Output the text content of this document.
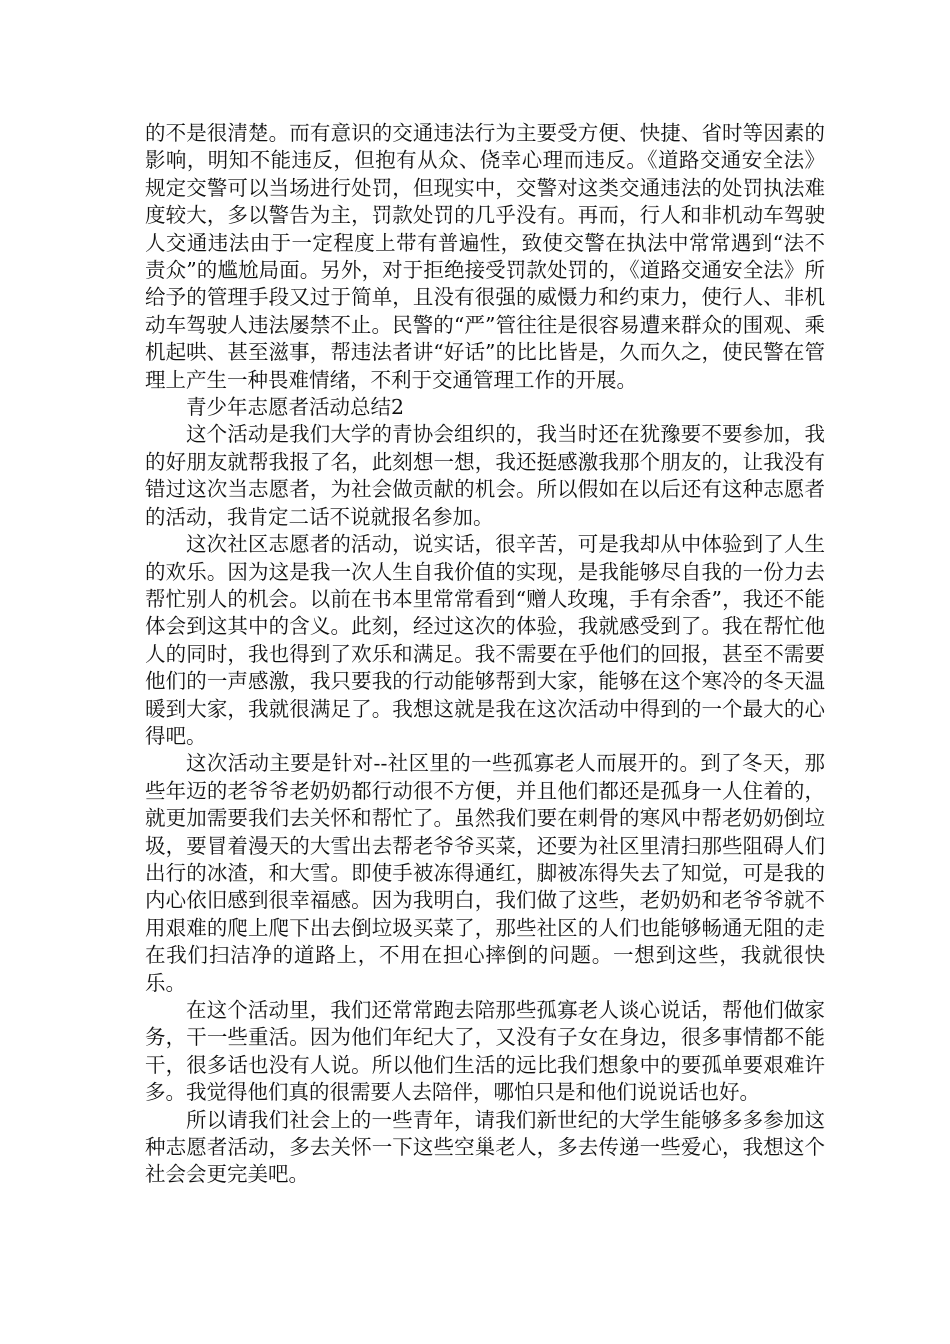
的不是很清楚。而有意识的交通违法行为主要受方便、快捷、省时等因素的影响，明知不能违反，但抱有从众、侥幸心理而违反。《道路交通安全法》规定交警可以当场进行处罚，但现实中，交警对这类交通违法的处罚执法难度较大，多以警告为主，罚款处罚的几乎没有。再而，行人和非机动车驾驶人交通违法由于一定程度上带有普遍性，致使交警在执法中常常遇到“法不责众”的尴尬局面。另外，对于拒绝接受罚款处罚的，《道路交通安全法》所给予的管理手段又过于简单，且没有很强的威慑力和约束力，使行人、非机动车驾驶人违法屡禁不止。民警的“严”管往往是很容易遭来群众的围观、乘机起哄、甚至滋事，帮违法者讲“好话”的比比皆是，久而久之，使民警在管理上产生一种畏难情绪，不利于交通管理工作的开展。

青少年志愿者活动总结2

这个活动是我们大学的青协会组织的，我当时还在犹豫要不要参加，我的好朋友就帮我报了名，此刻想一想，我还挺感激我那个朋友的，让我没有错过这次当志愿者，为社会做贡献的机会。所以假如在以后还有这种志愿者的活动，我肯定二话不说就报名参加。

这次社区志愿者的活动，说实话，很辛苦，可是我却从中体验到了人生的欢乐。因为这是我一次人生自我价值的实现，是我能够尽自我的一份力去帮忙别人的机会。以前在书本里常常看到“赠人玫瑰，手有余香”，我还不能体会到这其中的含义。此刻，经过这次的体验，我就感受到了。我在帮忙他人的同时，我也得到了欢乐和满足。我不需要在乎他们的回报，甚至不需要他们的一声感激，我只要我的行动能够帮到大家，能够在这个寒冷的冬天温暖到大家，我就很满足了。我想这就是我在这次活动中得到的一个最大的心得吧。

这次活动主要是针对--社区里的一些孤寡老人而展开的。到了冬天，那些年迈的老爷爷老奶奶都行动很不方便，并且他们都还是孤身一人住着的，就更加需要我们去关怀和帮忙了。虽然我们要在刺骨的寒风中帮老奶奶倒垃圾，要冒着漫天的大雪出去帮老爷爷买菜，还要为社区里清扫那些阻碍人们出行的冰渣，和大雪。即使手被冻得通红，脚被冻得失去了知觉，可是我的内心依旧感到很幸福感。因为我明白，我们做了这些，老奶奶和老爷爷就不用艰难的爬上爬下出去倒垃圾买菜了，那些社区的人们也能够畅通无阻的走在我们扫洁净的道路上，不用在担心摔倒的问题。一想到这些，我就很快乐。

在这个活动里，我们还常常跑去陪那些孤寡老人谈心说话，帮他们做家务，干一些重活。因为他们年纪大了，又没有子女在身边，很多事情都不能干，很多话也没有人说。所以他们生活的远比我们想象中的要孤单要艰难许多。我觉得他们真的很需要人去陪伴，哪怕只是和他们说说话也好。

所以请我们社会上的一些青年，请我们新世纪的大学生能够多多参加这种志愿者活动，多去关怀一下这些空巢老人，多去传递一些爱心，我想这个社会会更完美吧。
